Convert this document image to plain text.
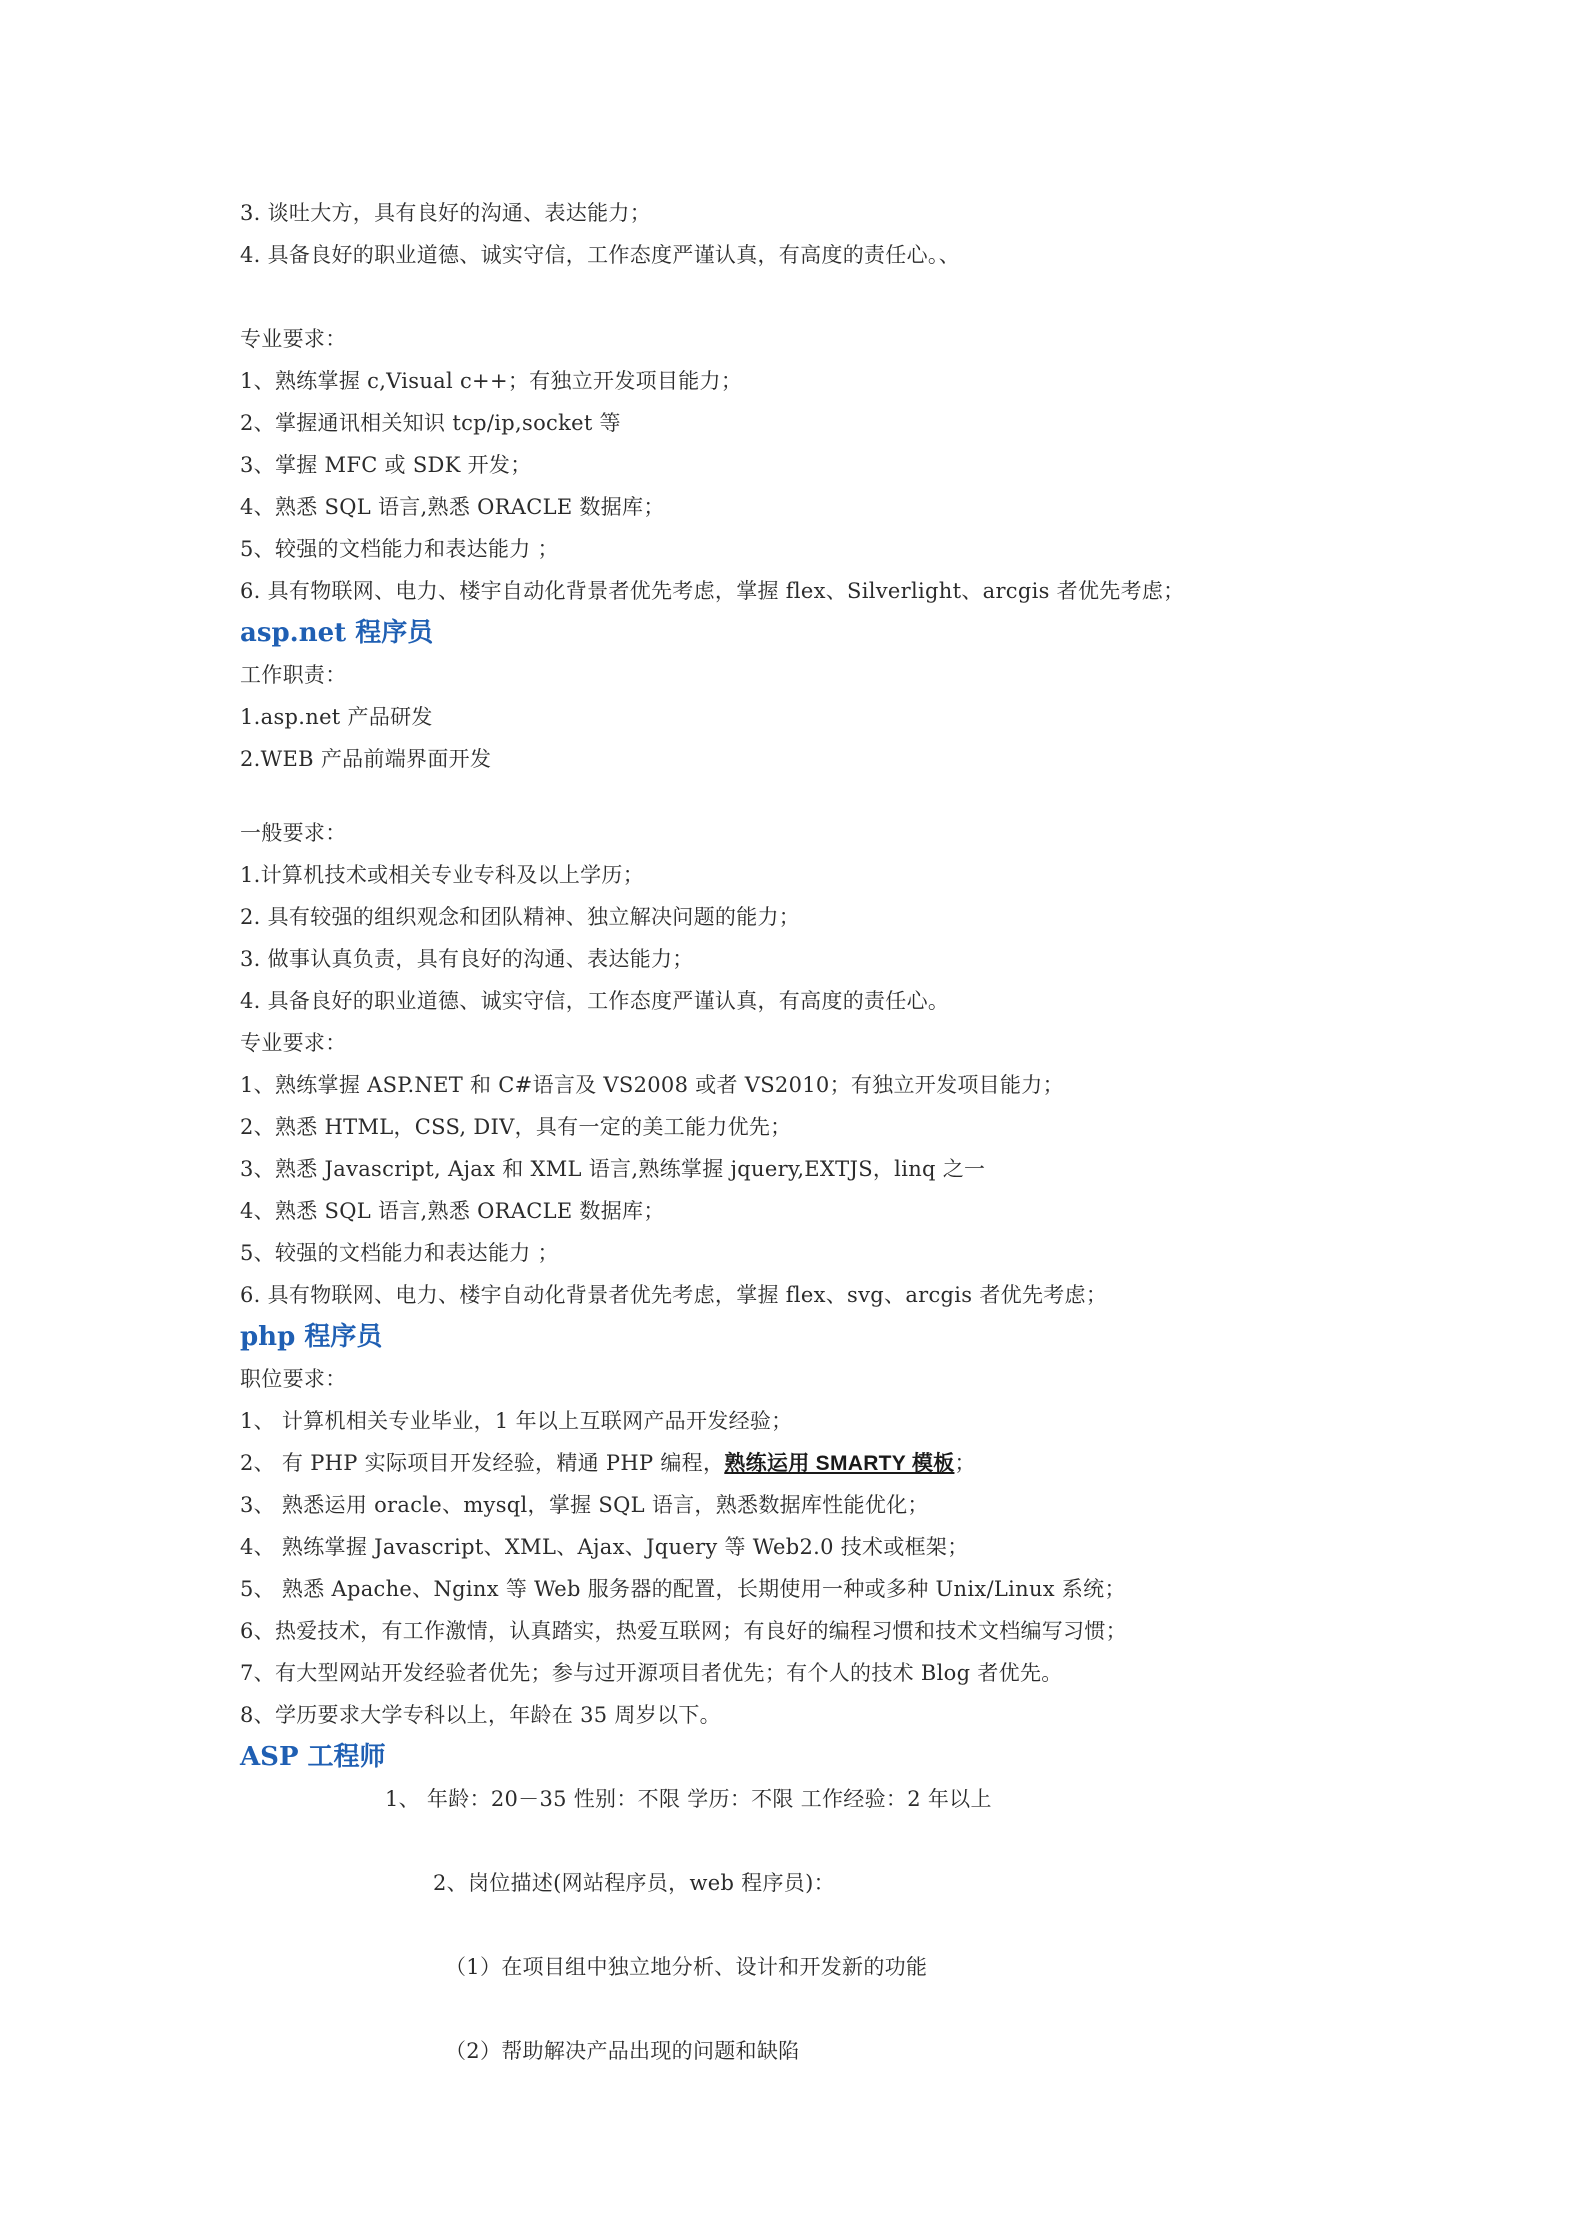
3. 谈吐大方，具有良好的沟通、表达能力；
4. 具备良好的职业道德、诚实守信，工作态度严谨认真，有高度的责任心。、
专业要求：
1、熟练掌握 c,Visual c++；有独立开发项目能力；
2、掌握通讯相关知识 tcp/ip,socket 等
3、掌握 MFC 或 SDK 开发；
4、熟悉 SQL 语言,熟悉 ORACLE 数据库；
5、较强的文档能力和表达能力 ；
6. 具有物联网、电力、楼宇自动化背景者优先考虑，掌握 flex、Silverlight、arcgis 者优先考虑；
asp.net 程序员
工作职责：
1.asp.net 产品研发
2.WEB 产品前端界面开发
一般要求：
1.计算机技术或相关专业专科及以上学历；
2. 具有较强的组织观念和团队精神、独立解决问题的能力；
3. 做事认真负责，具有良好的沟通、表达能力；
4. 具备良好的职业道德、诚实守信，工作态度严谨认真，有高度的责任心。
专业要求：
1、熟练掌握 ASP.NET 和 C#语言及 VS2008 或者 VS2010；有独立开发项目能力；
2、熟悉 HTML，CSS, DIV，具有一定的美工能力优先；
3、熟悉 Javascript, Ajax 和 XML 语言,熟练掌握 jquery,EXTJS，linq 之一
4、熟悉 SQL 语言,熟悉 ORACLE 数据库；
5、较强的文档能力和表达能力 ；
6. 具有物联网、电力、楼宇自动化背景者优先考虑，掌握 flex、svg、arcgis 者优先考虑；
php 程序员
职位要求：
1、 计算机相关专业毕业，1 年以上互联网产品开发经验；
2、 有 PHP 实际项目开发经验，精通 PHP 编程，熟练运用 SMARTY 模板；
3、 熟悉运用 oracle、mysql，掌握 SQL 语言，熟悉数据库性能优化；
4、 熟练掌握 Javascript、XML、Ajax、Jquery 等 Web2.0 技术或框架；
5、 熟悉 Apache、Nginx 等 Web 服务器的配置，长期使用一种或多种 Unix/Linux 系统；
6、热爱技术，有工作激情，认真踏实，热爱互联网；有良好的编程习惯和技术文档编写习惯；
7、有大型网站开发经验者优先；参与过开源项目者优先；有个人的技术 Blog 者优先。
8、学历要求大学专科以上，年龄在 35 周岁以下。
ASP 工程师
1、 年龄：20－35 性别：不限 学历：不限 工作经验：2 年以上
2、岗位描述(网站程序员，web 程序员)：
（1）在项目组中独立地分析、设计和开发新的功能
（2）帮助解决产品出现的问题和缺陷
